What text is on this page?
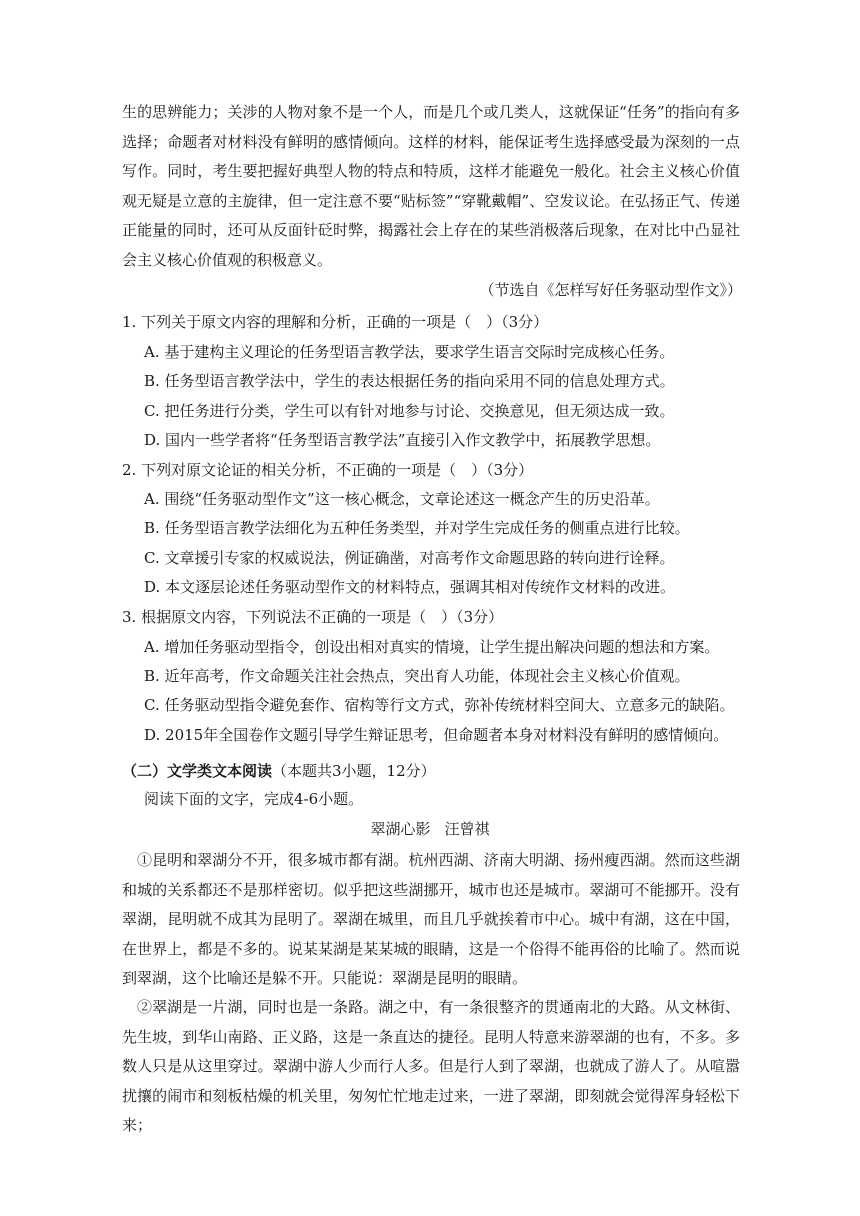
生的思辨能力；关涉的人物对象不是一个人，而是几个或几类人，这就保证“任务”的指向有多选择；命题者对材料没有鲜明的感情倾向。这样的材料，能保证考生选择感受最为深刻的一点写作。同时，考生要把握好典型人物的特点和特质，这样才能避免一般化。社会主义核心价值观无疑是立意的主旋律，但一定注意不要“贴标签”“穿靴戴帽”、空发议论。在弘扬正气、传递正能量的同时，还可从反面针砭时弊，揭露社会上存在的某些消极落后现象，在对比中凸显社会主义核心价值观的积极意义。

（节选自《怎样写好任务驱动型作文》）
1. 下列关于原文内容的理解和分析，正确的一项是（　）（3分）
A. 基于建构主义理论的任务型语言教学法，要求学生语言交际时完成核心任务。
B. 任务型语言教学法中，学生的表达根据任务的指向采用不同的信息处理方式。
C. 把任务进行分类，学生可以有针对地参与讨论、交换意见，但无须达成一致。
D. 国内一些学者将“任务型语言教学法”直接引入作文教学中，拓展教学思想。
2. 下列对原文论证的相关分析，不正确的一项是（　）（3分）
A. 围绕“任务驱动型作文”这一核心概念，文章论述这一概念产生的历史沿革。
B. 任务型语言教学法细化为五种任务类型，并对学生完成任务的侧重点进行比较。
C. 文章援引专家的权威说法，例证确凿，对高考作文命题思路的转向进行诠释。
D. 本文逐层论述任务驱动型作文的材料特点，强调其相对传统作文材料的改进。
3. 根据原文内容，下列说法不正确的一项是（　）（3分）
A. 增加任务驱动型指令，创设出相对真实的情境，让学生提出解决问题的想法和方案。
B. 近年高考，作文命题关注社会热点，突出育人功能，体现社会主义核心价值观。
C. 任务驱动型指令避免套作、宿构等行文方式，弥补传统材料空间大、立意多元的缺陷。
D. 2015年全国卷作文题引导学生辩证思考，但命题者本身对材料没有鲜明的感情倾向。
（二）文学类文本阅读（本题共3小题，12分）
阅读下面的文字，完成4-6小题。
翠湖心影 汪曾祺

①昆明和翠湖分不开，很多城市都有湖。杭州西湖、济南大明湖、扬州瘦西湖。然而这些湖和城的关系都还不是那样密切。似乎把这些湖挪开，城市也还是城市。翠湖可不能挪开。没有翠湖，昆明就不成其为昆明了。翠湖在城里，而且几乎就挨着市中心。城中有湖，这在中国，在世界上，都是不多的。说某某湖是某某城的眼睛，这是一个俗得不能再俗的比喻了。然而说到翠湖，这个比喻还是躲不开。只能说：翠湖是昆明的眼睛。

②翠湖是一片湖，同时也是一条路。湖之中，有一条很整齐的贯通南北的大路。从文林街、先生坡，到华山南路、正义路，这是一条直达的捷径。昆明人特意来游翠湖的也有，不多。多数人只是从这里穿过。翠湖中游人少而行人多。但是行人到了翠湖，也就成了游人了。从喧嚣扰攘的闹市和刻板枯燥的机关里，匆匆忙忙地走过来，一进了翠湖，即刻就会觉得浑身轻松下来；
